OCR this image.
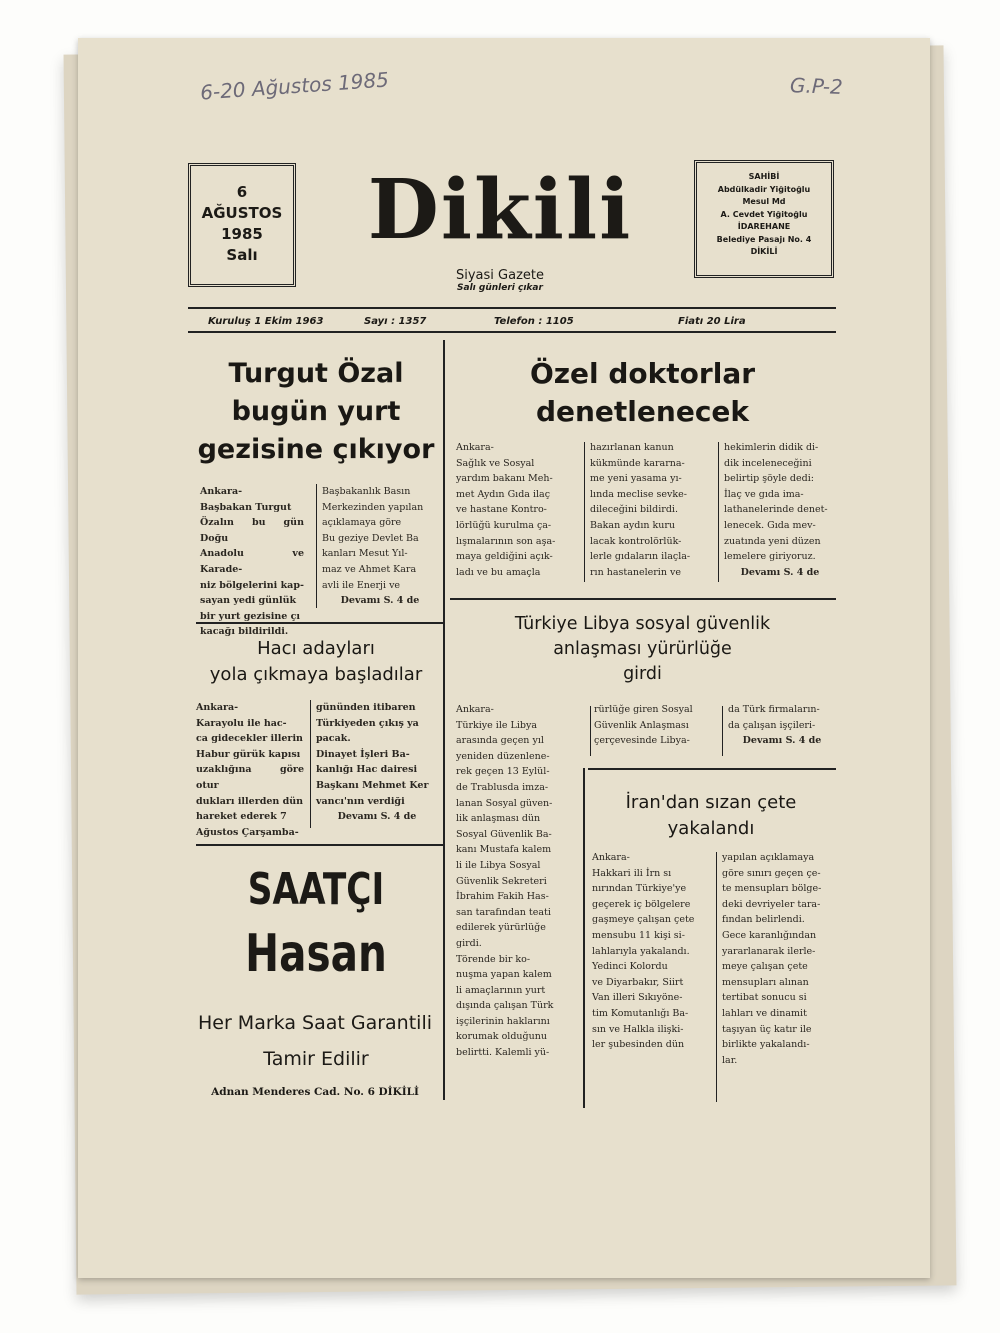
6-20 Ağustos 1985	G.P-2
6
AĞUSTOS
1985
Salı	Dikili
Siyasi Gazete
Salı günleri çıkar
SAHİBİ
Abdülkadir Yiğitoğlu
Mesul Md
A. Cevdet Yiğitoğlu
İDAREHANE
Belediye Pasajı No. 4
DİKİLİ
Kuruluş 1 Ekim 1963	Sayı : 1357	Telefon : 1105	Fiatı 20 Lira
Turgut Özal
bugün yurt
gezisine çıkıyor
Ankara-
Başbakan Turgut
Özalın bu gün Doğu
Anadolu ve Karade-
niz bölgelerini kap-
sayan yedi günlük
bir yurt gezisine çı
kacağı bildirildi.
Başbakanlık Basın
Merkezinden yapılan
açıklamaya göre
Bu geziye Devlet Ba
kanları Mesut Yıl-
maz ve Ahmet Kara
avli ile Enerji ve
Devamı S. 4 de
Özel doktorlar
denetlenecek
Ankara-
Sağlık ve Sosyal
yardım bakanı Meh-
met Aydın Gıda ilaç
ve hastane Kontro-
lörlüğü kurulma ça-
lışmalarının son aşa-
maya geldiğini açık-
ladı ve bu amaçla
hazırlanan kanun
kükmünde kararna-
me yeni yasama yı-
lında meclise sevke-
dileceğini bildirdi.
Bakan aydın kuru
lacak kontrolörlük-
lerle gıdaların ilaçla-
rın hastanelerin ve
hekimlerin didik di-
dik inceleneceğini
belirtip şöyle dedi:
İlaç ve gıda ima-
lathanelerinde denet-
lenecek. Gıda mev-
zuatında yeni düzen
lemelere giriyoruz.
Devamı S. 4 de
Hacı adayları
yola çıkmaya başladılar
Ankara-
Karayolu ile hac-
ca gidecekler illerin
Habur gürük kapısı
uzaklığına göre otur
dukları illerden dün
hareket ederek 7
Ağustos Çarşamba-
gününden itibaren
Türkiyeden çıkış ya
pacak.
Dinayet İşleri Ba-
kanlığı Hac dairesi
Başkanı Mehmet Ker
vancı'nın verdiği
Devamı S. 4 de
Türkiye Libya sosyal güvenlik
anlaşması yürürlüğe
girdi
Ankara-
Türkiye ile Libya
arasında geçen yıl
yeniden düzenlene-
rek geçen 13 Eylül-
de Trablusda imza-
lanan Sosyal güven-
lik anlaşması dün
Sosyal Güvenlik Ba-
kanı Mustafa kalem
li ile Libya Sosyal
Güvenlik Sekreteri
İbrahim Fakih Has-
san tarafından teati
edilerek yürürlüğe
girdi.
Törende bir ko-
nuşma yapan kalem
li amaçlarının yurt
dışında çalışan Türk
işçilerinin haklarını
korumak olduğunu
belirtti. Kalemli yü-
rürlüğe giren Sosyal
Güvenlik Anlaşması
çerçevesinde Libya-
da Türk firmaların-
da çalışan işçileri-
Devamı S. 4 de
İran'dan sızan çete
yakalandı
Ankara-
Hakkari ili İrn sı
nırından Türkiye'ye
geçerek iç bölgelere
gaşmeye çalışan çete
mensubu 11 kişi si-
lahlarıyla yakalandı.
Yedinci Kolordu
ve Diyarbakır, Siirt
Van illeri Sıkıyöne-
tim Komutanlığı Ba-
sın ve Halkla ilişki-
ler şubesinden dün
yapılan açıklamaya
göre sınırı geçen çe-
te mensupları bölge-
deki devriyeler tara-
fından belirlendi.
Gece karanlığından
yararlanarak ilerle-
meye çalışan çete
mensupları alınan
tertibat sonucu si
lahları ve dinamit
taşıyan üç katır ile
birlikte yakalandı-
lar.
SAATÇI
Hasan
Her Marka Saat Garantili
Tamir Edilir
Adnan Menderes Cad. No. 6 DİKİLİ
